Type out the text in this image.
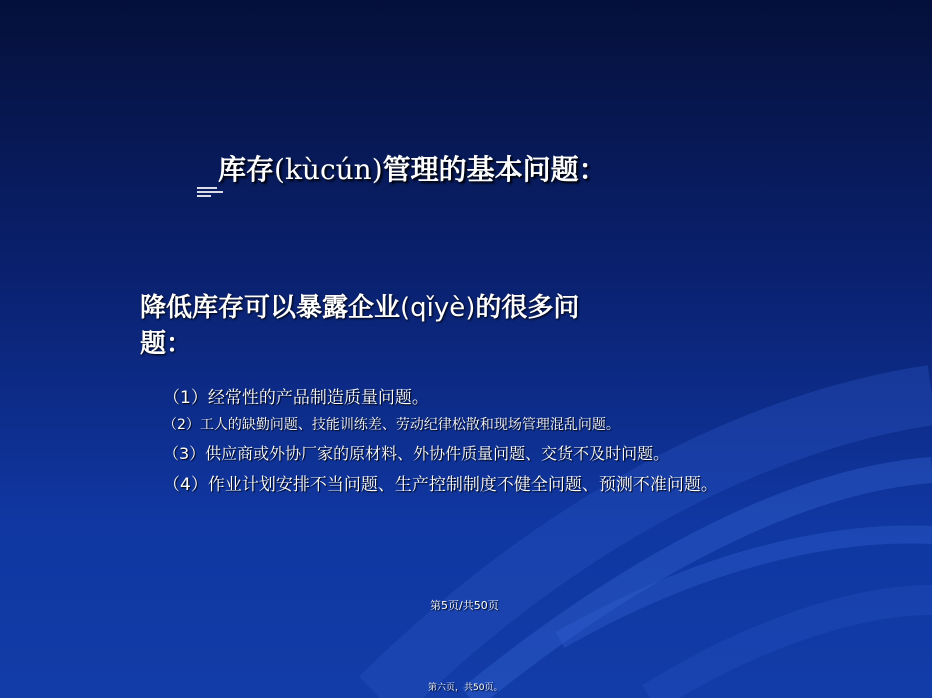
库存(kùcún)管理的基本问题：
降低库存可以暴露企业(qǐyè)的很多问题：
（1）经常性的产品制造质量问题。
（2）工人的缺勤问题、技能训练差、劳动纪律松散和现场管理混乱问题。
（3）供应商或外协厂家的原材料、外协件质量问题、交货不及时问题。
（4）作业计划安排不当问题、生产控制制度不健全问题、预测不准问题。
第5页/共50页
第六页，共50页。
